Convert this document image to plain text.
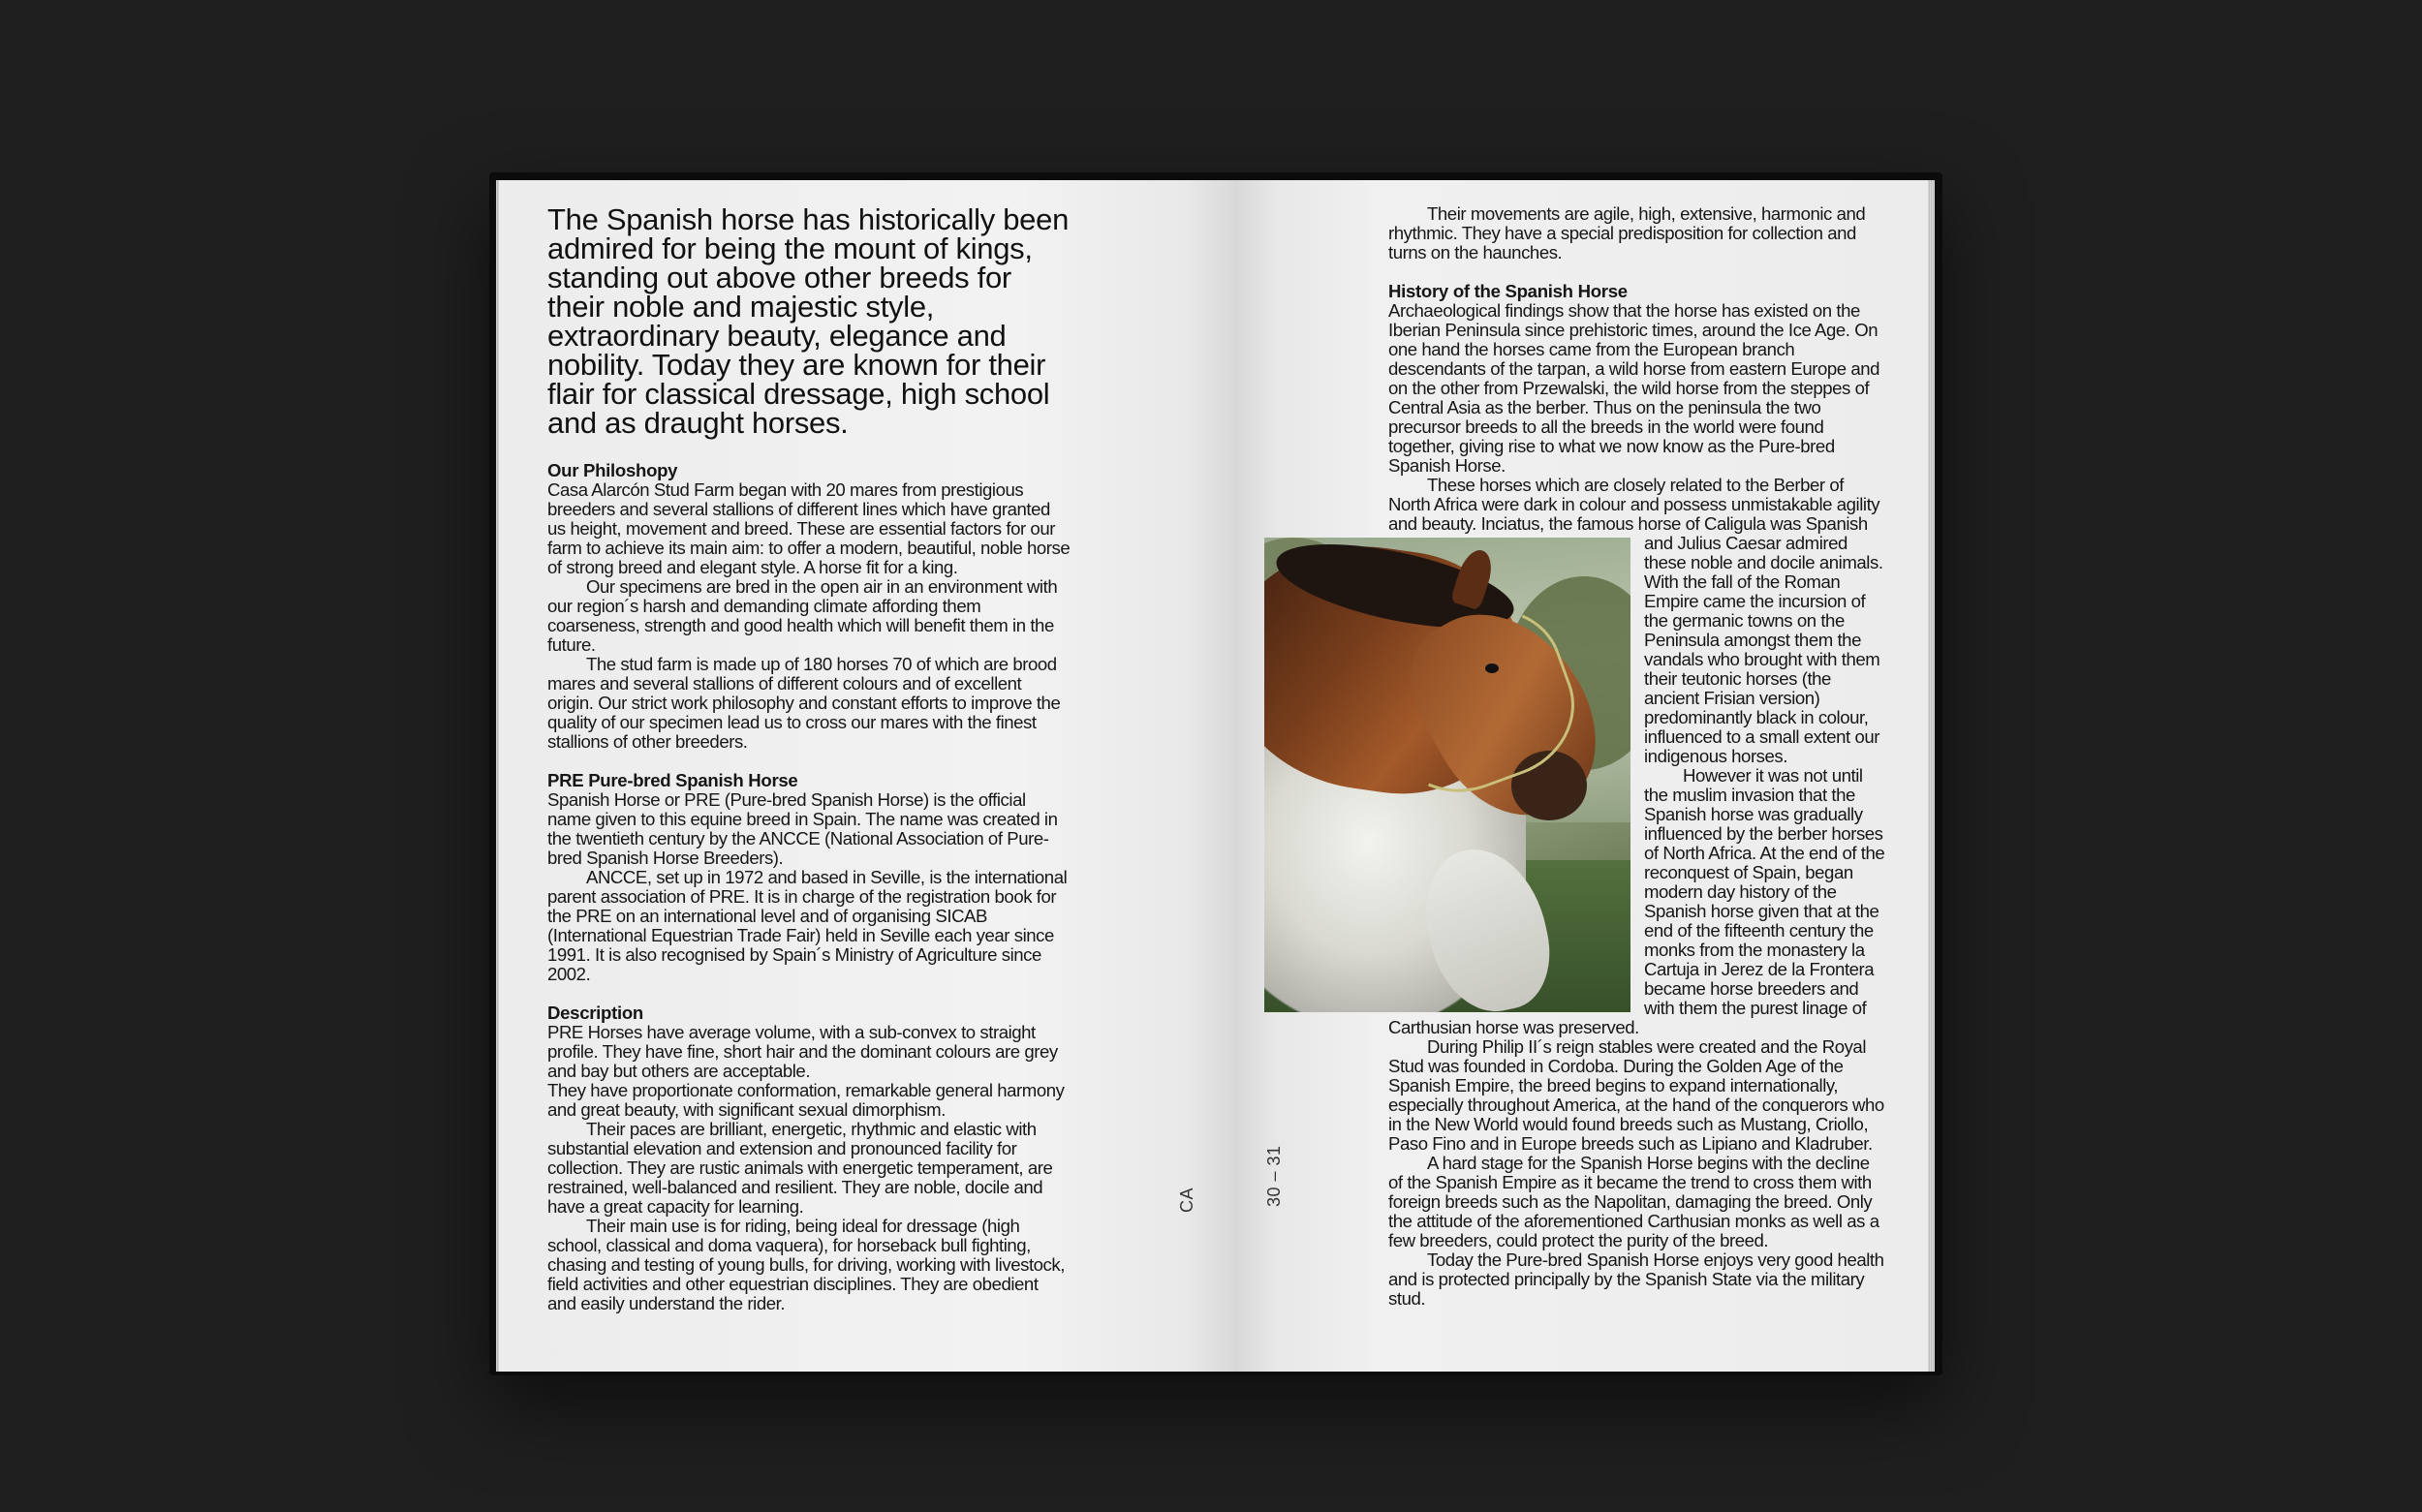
The Spanish horse has historically been admired for being the mount of kings, standing out above other breeds for their noble and majestic style, extraordinary beauty, elegance and nobility. Today they are known for their flair for classical dressage, high school and as draught horses.

Our Philoshopy

Casa Alarcón Stud Farm began with 20 mares from prestigious breeders and several stallions of different lines which have granted us height, movement and breed. These are essential factors for our farm to achieve its main aim: to offer a modern, beautiful, noble horse of strong breed and elegant style. A horse fit for a king.

Our specimens are bred in the open air in an environment with our region´s harsh and demanding climate affording them coarseness, strength and good health which will benefit them in the future.

The stud farm is made up of 180 horses 70 of which are brood mares and several stallions of different colours and of excellent origin. Our strict work philosophy and constant efforts to improve the quality of our specimen lead us to cross our mares with the finest stallions of other breeders.

PRE Pure-bred Spanish Horse

Spanish Horse or PRE (Pure-bred Spanish Horse) is the official name given to this equine breed in Spain. The name was created in the twentieth century by the ANCCE (National Association of Pure-bred Spanish Horse Breeders).

ANCCE, set up in 1972 and based in Seville, is the international parent association of PRE. It is in charge of the registration book for the PRE on an international level and of organising SICAB (International Equestrian Trade Fair) held in Seville each year since 1991. It is also recognised by Spain´s Ministry of Agriculture since 2002.

Description

PRE Horses have average volume, with a sub-convex to straight profile. They have fine, short hair and the dominant colours are grey and bay but others are acceptable.

They have proportionate conformation, remarkable general harmony and great beauty, with significant sexual dimorphism.

Their paces are brilliant, energetic, rhythmic and elastic with substantial elevation and extension and pronounced facility for collection. They are rustic animals with energetic temperament, are restrained, well-balanced and resilient. They are noble, docile and have a great capacity for learning.

Their main use is for riding, being ideal for dressage (high school, classical and doma vaquera), for horseback bull fighting, chasing and testing of young bulls, for driving, working with livestock, field activities and other equestrian disciplines. They are obedient and easily understand the rider.

CA	30 – 31

Their movements are agile, high, extensive, harmonic and rhythmic. They have a special predisposition for collection and turns on the haunches.

History of the Spanish Horse

Archaeological findings show that the horse has existed on the Iberian Peninsula since prehistoric times, around the Ice Age. On one hand the horses came from the European branch descendants of the tarpan, a wild horse from eastern Europe and on the other from Przewalski, the wild horse from the steppes of Central Asia as the berber. Thus on the peninsula the two precursor breeds to all the breeds in the world were found together, giving rise to what we now know as the Pure-bred Spanish Horse.

These horses which are closely related to the Berber of North Africa were dark in colour and possess unmistakable agility and beauty. Inciatus, the famous horse of Caligula was Spanish

and Julius Caesar admired these noble and docile animals. With the fall of the Roman Empire came the incursion of the germanic towns on the Peninsula amongst them the vandals who brought with them their teutonic horses (the ancient Frisian version) predominantly black in colour, influenced to a small extent our indigenous horses.

However it was not until the muslim invasion that the Spanish horse was gradually influenced by the berber horses of North Africa. At the end of the reconquest of Spain, began modern day history of the Spanish horse given that at the end of the fifteenth century the monks from the monastery la Cartuja in Jerez de la Frontera became horse breeders and with them the purest linage of Carthusian horse was preserved.

During Philip II´s reign stables were created and the Royal Stud was founded in Cordoba. During the Golden Age of the Spanish Empire, the breed begins to expand internationally, especially throughout America, at the hand of the conquerors who in the New World would found breeds such as Mustang, Criollo, Paso Fino and in Europe breeds such as Lipiano and Kladruber.

A hard stage for the Spanish Horse begins with the decline of the Spanish Empire as it became the trend to cross them with foreign breeds such as the Napolitan, damaging the breed. Only the attitude of the aforementioned Carthusian monks as well as a few breeders, could protect the purity of the breed.

Today the Pure-bred Spanish Horse enjoys very good health and is protected principally by the Spanish State via the military stud.
